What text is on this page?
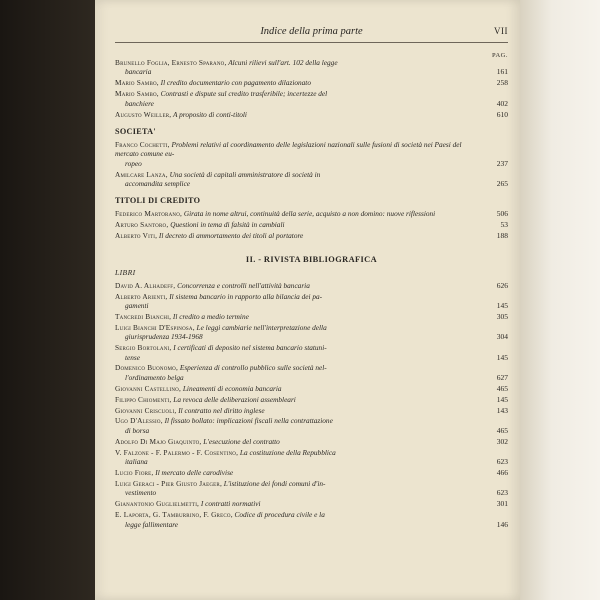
Indice della prima parte	VII
PAG.
Brunello Foglia, Ernesto Sparano, Alcuni rilievi sull'art. 102 della legge
bancaria	161
Mario Sambo, Il credito documentario con pagamento dilazionato	258
Mario Sambo, Contrasti e dispute sul credito trasferibile; incertezze del
banchiere	402
Augusto Weiller, A proposito di conti-titoli	610
SOCIETA'
Franco Cochetti, Problemi relativi al coordinamento delle legislazioni nazionali sulle fusioni di società nei Paesi del mercato comune eu-
ropeo	237
Amilcare Lanza, Una società di capitali amministratore di società in
accomandita semplice	265
TITOLI DI CREDITO
Federico Martorano, Girata in nome altrui, continuità della serie, acquisto a non domino: nuove riflessioni	506
Arturo Santoro, Questioni in tema di falsità in cambiali	53
Alberto Viti, Il decreto di ammortamento dei titoli al portatore	188
II. - RIVISTA BIBLIOGRAFICA
LIBRI
David A. Alhadeff, Concorrenza e controlli nell'attività bancaria	626
Alberto Arienti, Il sistema bancario in rapporto alla bilancia dei pa-
gamenti	145
Tancredi Bianchi, Il credito a medio termine	305
Luigi Bianchi D'Espinosa, Le leggi cambiarie nell'interpretazione della
giurisprudenza 1934-1968	304
Sergio Bortolani, I certificati di deposito nel sistema bancario statuni-
tense	145
Domenico Buonomo, Esperienza di controllo pubblico sulle società nel-
l'ordinamento belga	627
Giovanni Castellino, Lineamenti di economia bancaria	465
Filippo Chiomenti, La revoca delle deliberazioni assembleari	145
Giovanni Criscuoli, Il contratto nel diritto inglese	143
Ugo D'Alessio, Il fissato bollato: implicazioni fiscali nella contrattazione
di borsa	465
Adolfo Di Majo Giaquinto, L'esecuzione del contratto	302
V. Falzone - F. Palermo - F. Cosentino, La costituzione della Repubblica
italiana	623
Lucio Fiore, Il mercato delle carodivise	466
Luigi Geraci - Pier Giusto Jaeger, L'istituzione dei fondi comuni d'in-
vestimento	623
Gianantonio Guglielmetti, I contratti normativi	301
E. Laporta, G. Tamburrino, F. Greco, Codice di procedura civile e la
legge fallimentare	146
